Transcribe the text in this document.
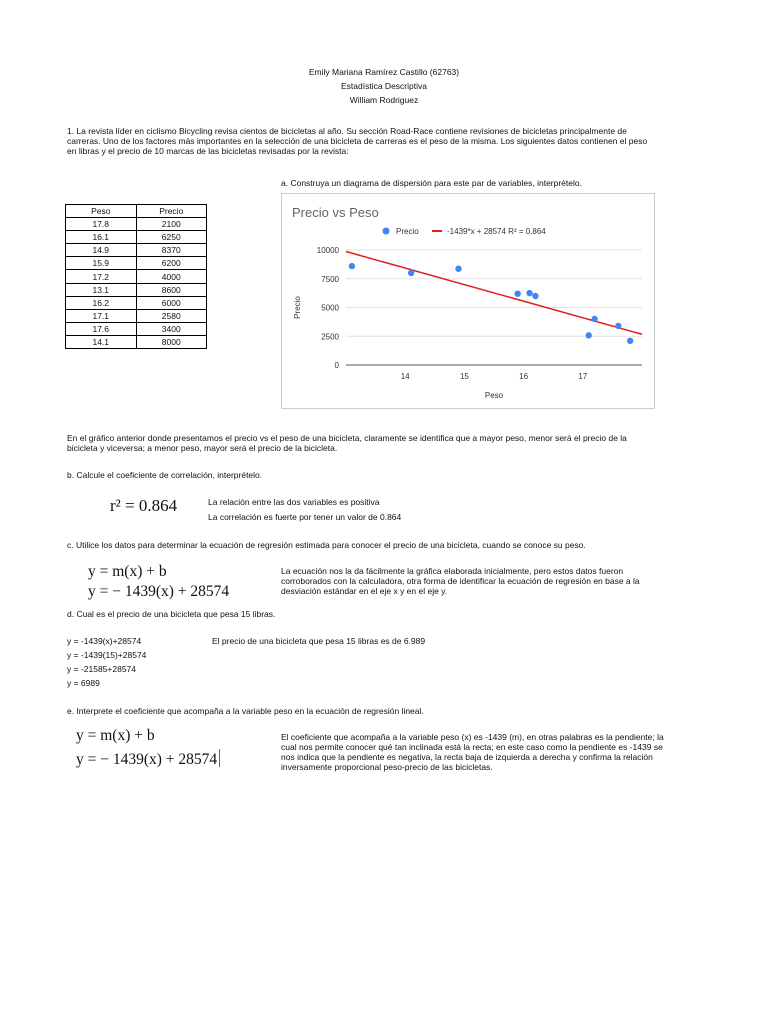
Emily Mariana Ramírez Castillo (62763)
Estadística Descriptiva
William Rodriguez
1. La revista líder en ciclismo Bicycling revisa cientos de bicicletas al año. Su sección Road-Race contiene revisiones de bicicletas principalmente de
carreras. Uno de los factores más importantes en la selección de una bicicleta de carreras es el peso de la misma. Los siguientes datos contienen el peso
en libras y el precio de 10 marcas de las bicicletas revisadas por la revista:
a. Construya un diagrama de dispersión para este par de variables, interprételo.
Peso	Precio
17.8	2100
16.1	6250
14.9	8370
15.9	6200
17.2	4000
13.1	8600
16.2	6000
17.1	2580
17.6	3400
14.1	8000
Precio vs Peso
Precio	-1439*x + 28574 R² = 0.864
0
2500
5000
7500
10000
14	15	16	17
Peso
Precio
En el gráfico anterior donde presentamos el precio vs el peso de una bicicleta, claramente se identifica que a mayor peso, menor será el precio de la
bicicleta y viceversa; a menor peso, mayor será el precio de la bicicleta.
b. Calcule el coeficiente de correlación, interprételo.
r² = 0.864	La relación entre las dos variables es positiva
La correlación es fuerte por tener un valor de 0.864
c. Utilice los datos para determinar la ecuación de regresión estimada para conocer el precio de una bicicleta, cuando se conoce su peso.
y = m(x) + b
y = − 1439(x) + 28574
La ecuación nos la da fácilmente la gráfica elaborada inicialmente, pero estos datos fueron
corroborados con la calculadora, otra forma de identificar la ecuación de regresión en base a la
desviación estándar en el eje x y en el eje y.
d. Cual es el precio de una bicicleta que pesa 15 libras.
y = -1439(x)+28574
y = -1439(15)+28574
y = -21585+28574
y = 6989
El precio de una bicicleta que pesa 15 libras es de 6.989
e. Interprete el coeficiente que acompaña a la variable peso en la ecuación de regresión lineal.
y = m(x) + b
y = − 1439(x) + 28574
El coeficiente que acompaña a la variable peso (x) es -1439 (m), en otras palabras es la pendiente; la
cual nos permite conocer qué tan inclinada está la recta; en este caso como la pendiente es -1439 se
nos indica que la pendiente es negativa, la recta baja de izquierda a derecha y confirma la relación
inversamente proporcional peso-precio de las bicicletas.
